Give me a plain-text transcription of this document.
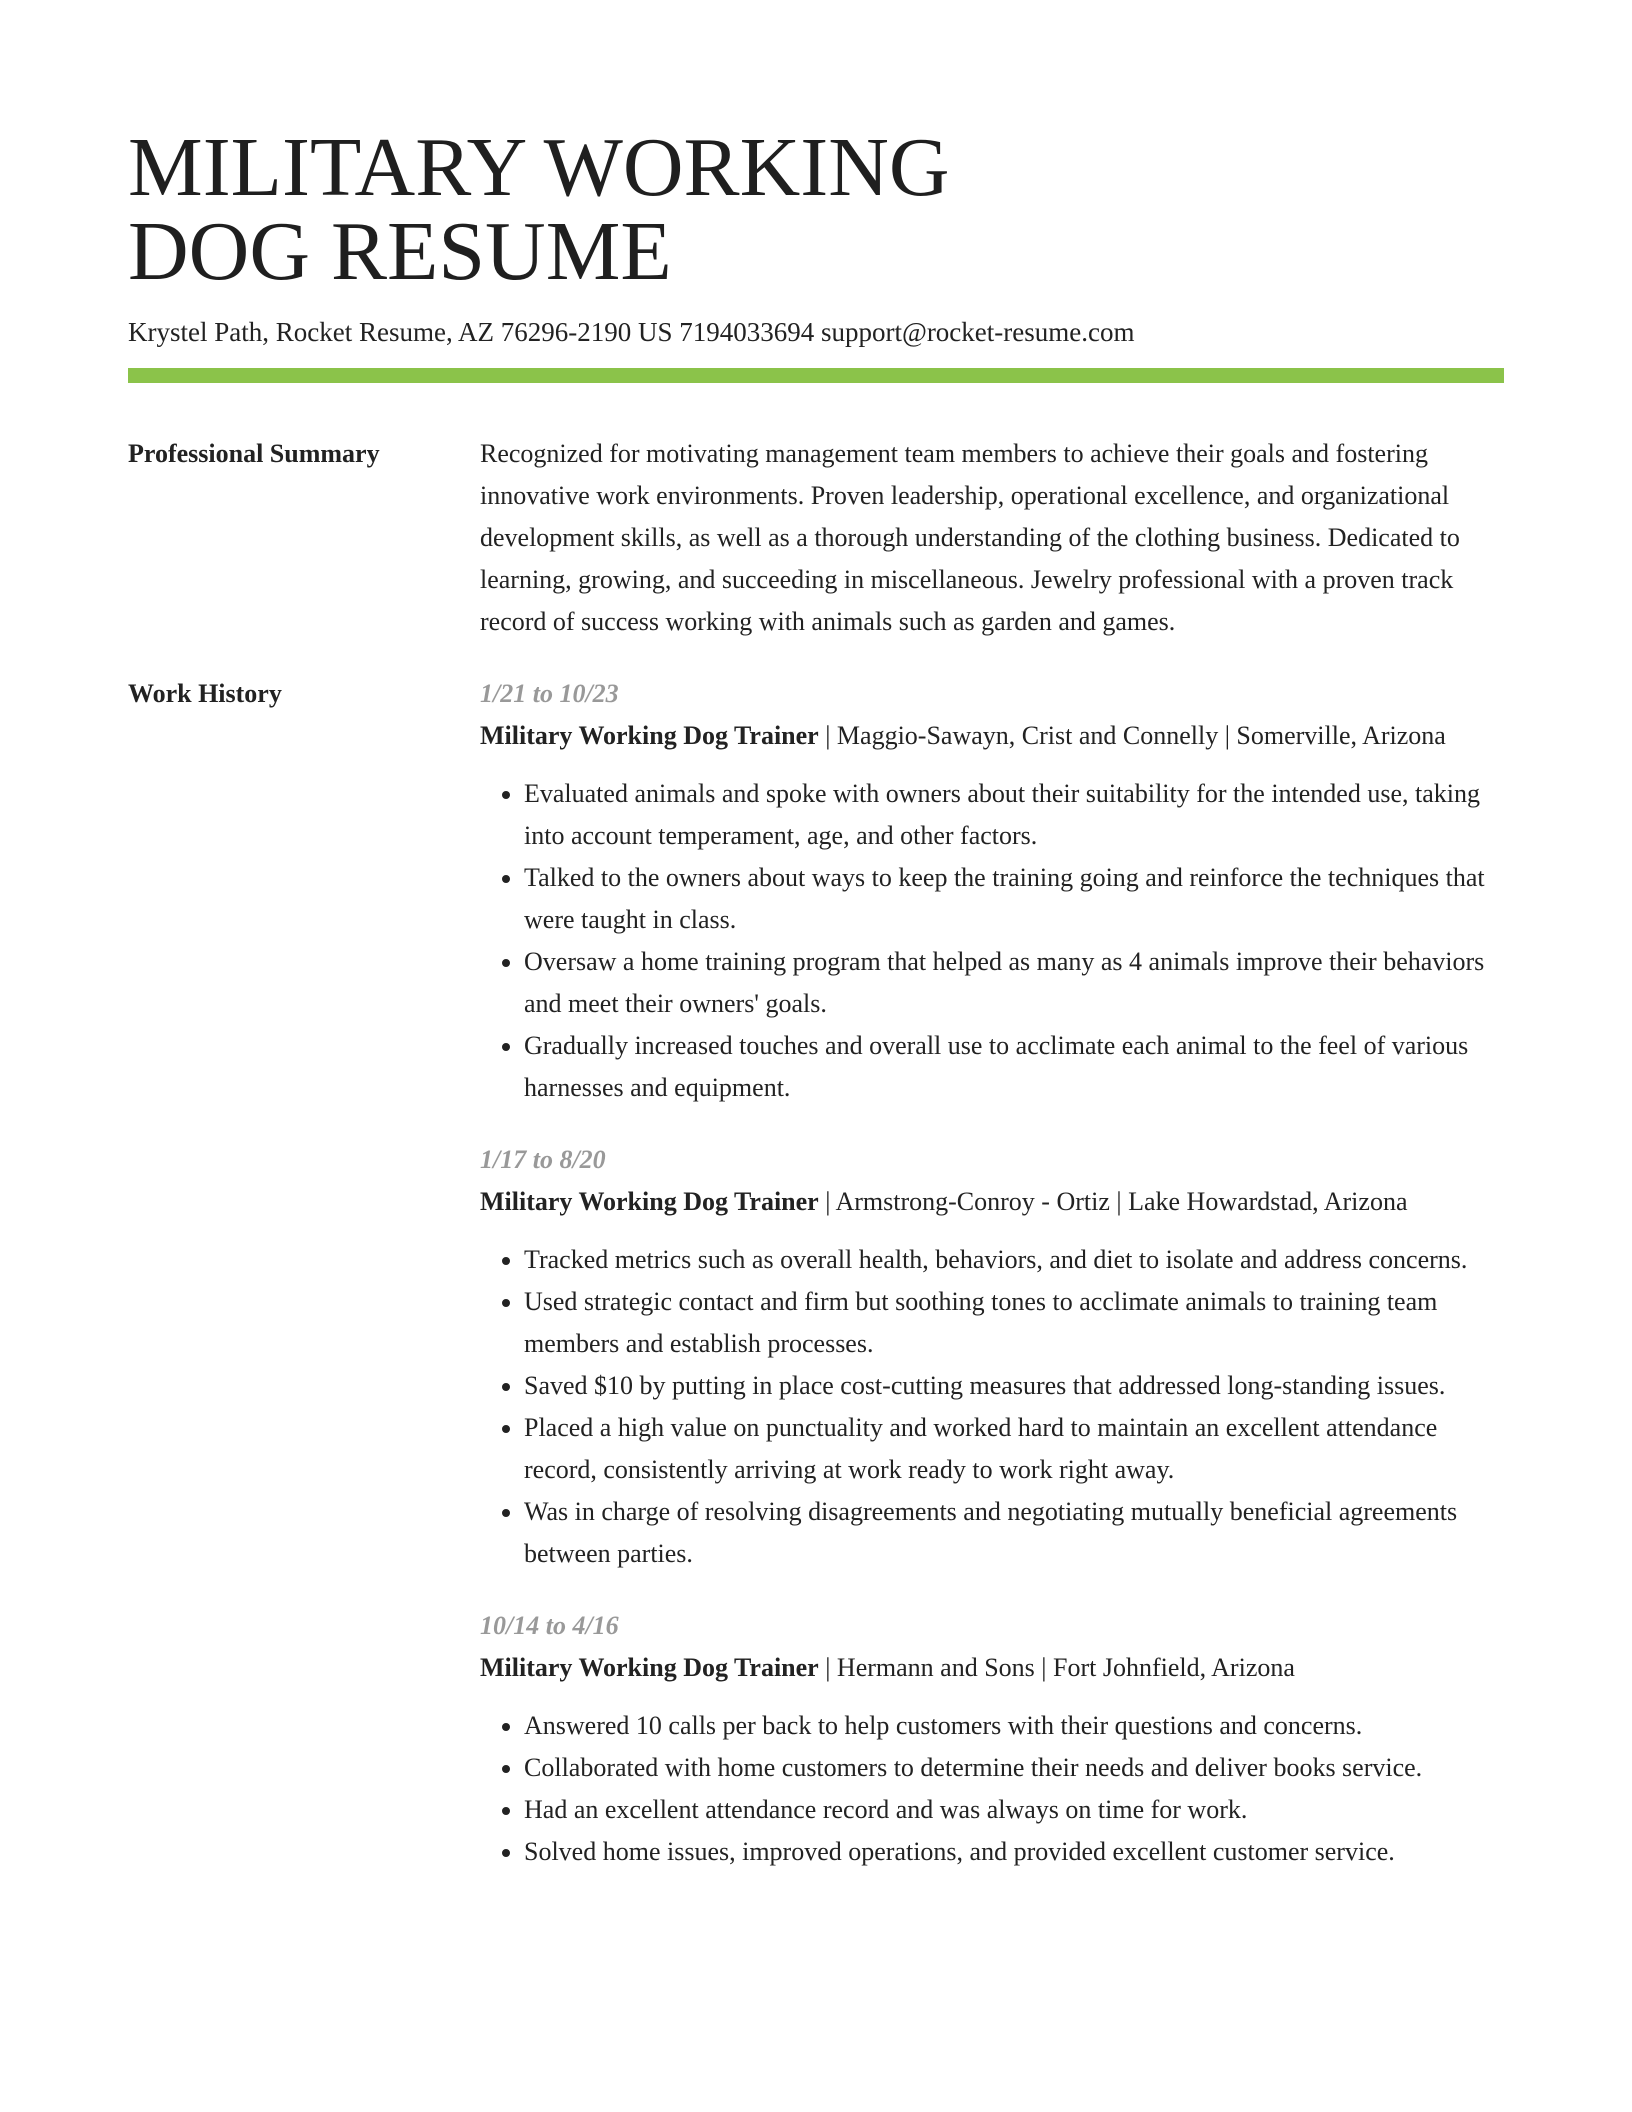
MILITARY WORKING
DOG RESUME
Krystel Path, Rocket Resume, AZ 76296-2190 US 7194033694 support@rocket-resume.com
Professional Summary	Recognized for motivating management team members to achieve their goals and fostering innovative work environments. Proven leadership, operational excellence, and organizational development skills, as well as a thorough understanding of the clothing business. Dedicated to learning, growing, and succeeding in miscellaneous. Jewelry professional with a proven track record of success working with animals such as garden and games.
Work History	1/21 to 10/23
Military Working Dog Trainer | Maggio-Sawayn, Crist and Connelly | Somerville, Arizona
• Evaluated animals and spoke with owners about their suitability for the intended use, taking into account temperament, age, and other factors.
• Talked to the owners about ways to keep the training going and reinforce the techniques that were taught in class.
• Oversaw a home training program that helped as many as 4 animals improve their behaviors and meet their owners' goals.
• Gradually increased touches and overall use to acclimate each animal to the feel of various harnesses and equipment.
1/17 to 8/20
Military Working Dog Trainer | Armstrong-Conroy - Ortiz | Lake Howardstad, Arizona
• Tracked metrics such as overall health, behaviors, and diet to isolate and address concerns.
• Used strategic contact and firm but soothing tones to acclimate animals to training team members and establish processes.
• Saved $10 by putting in place cost-cutting measures that addressed long-standing issues.
• Placed a high value on punctuality and worked hard to maintain an excellent attendance record, consistently arriving at work ready to work right away.
• Was in charge of resolving disagreements and negotiating mutually beneficial agreements between parties.
10/14 to 4/16
Military Working Dog Trainer | Hermann and Sons | Fort Johnfield, Arizona
• Answered 10 calls per back to help customers with their questions and concerns.
• Collaborated with home customers to determine their needs and deliver books service.
• Had an excellent attendance record and was always on time for work.
• Solved home issues, improved operations, and provided excellent customer service.
